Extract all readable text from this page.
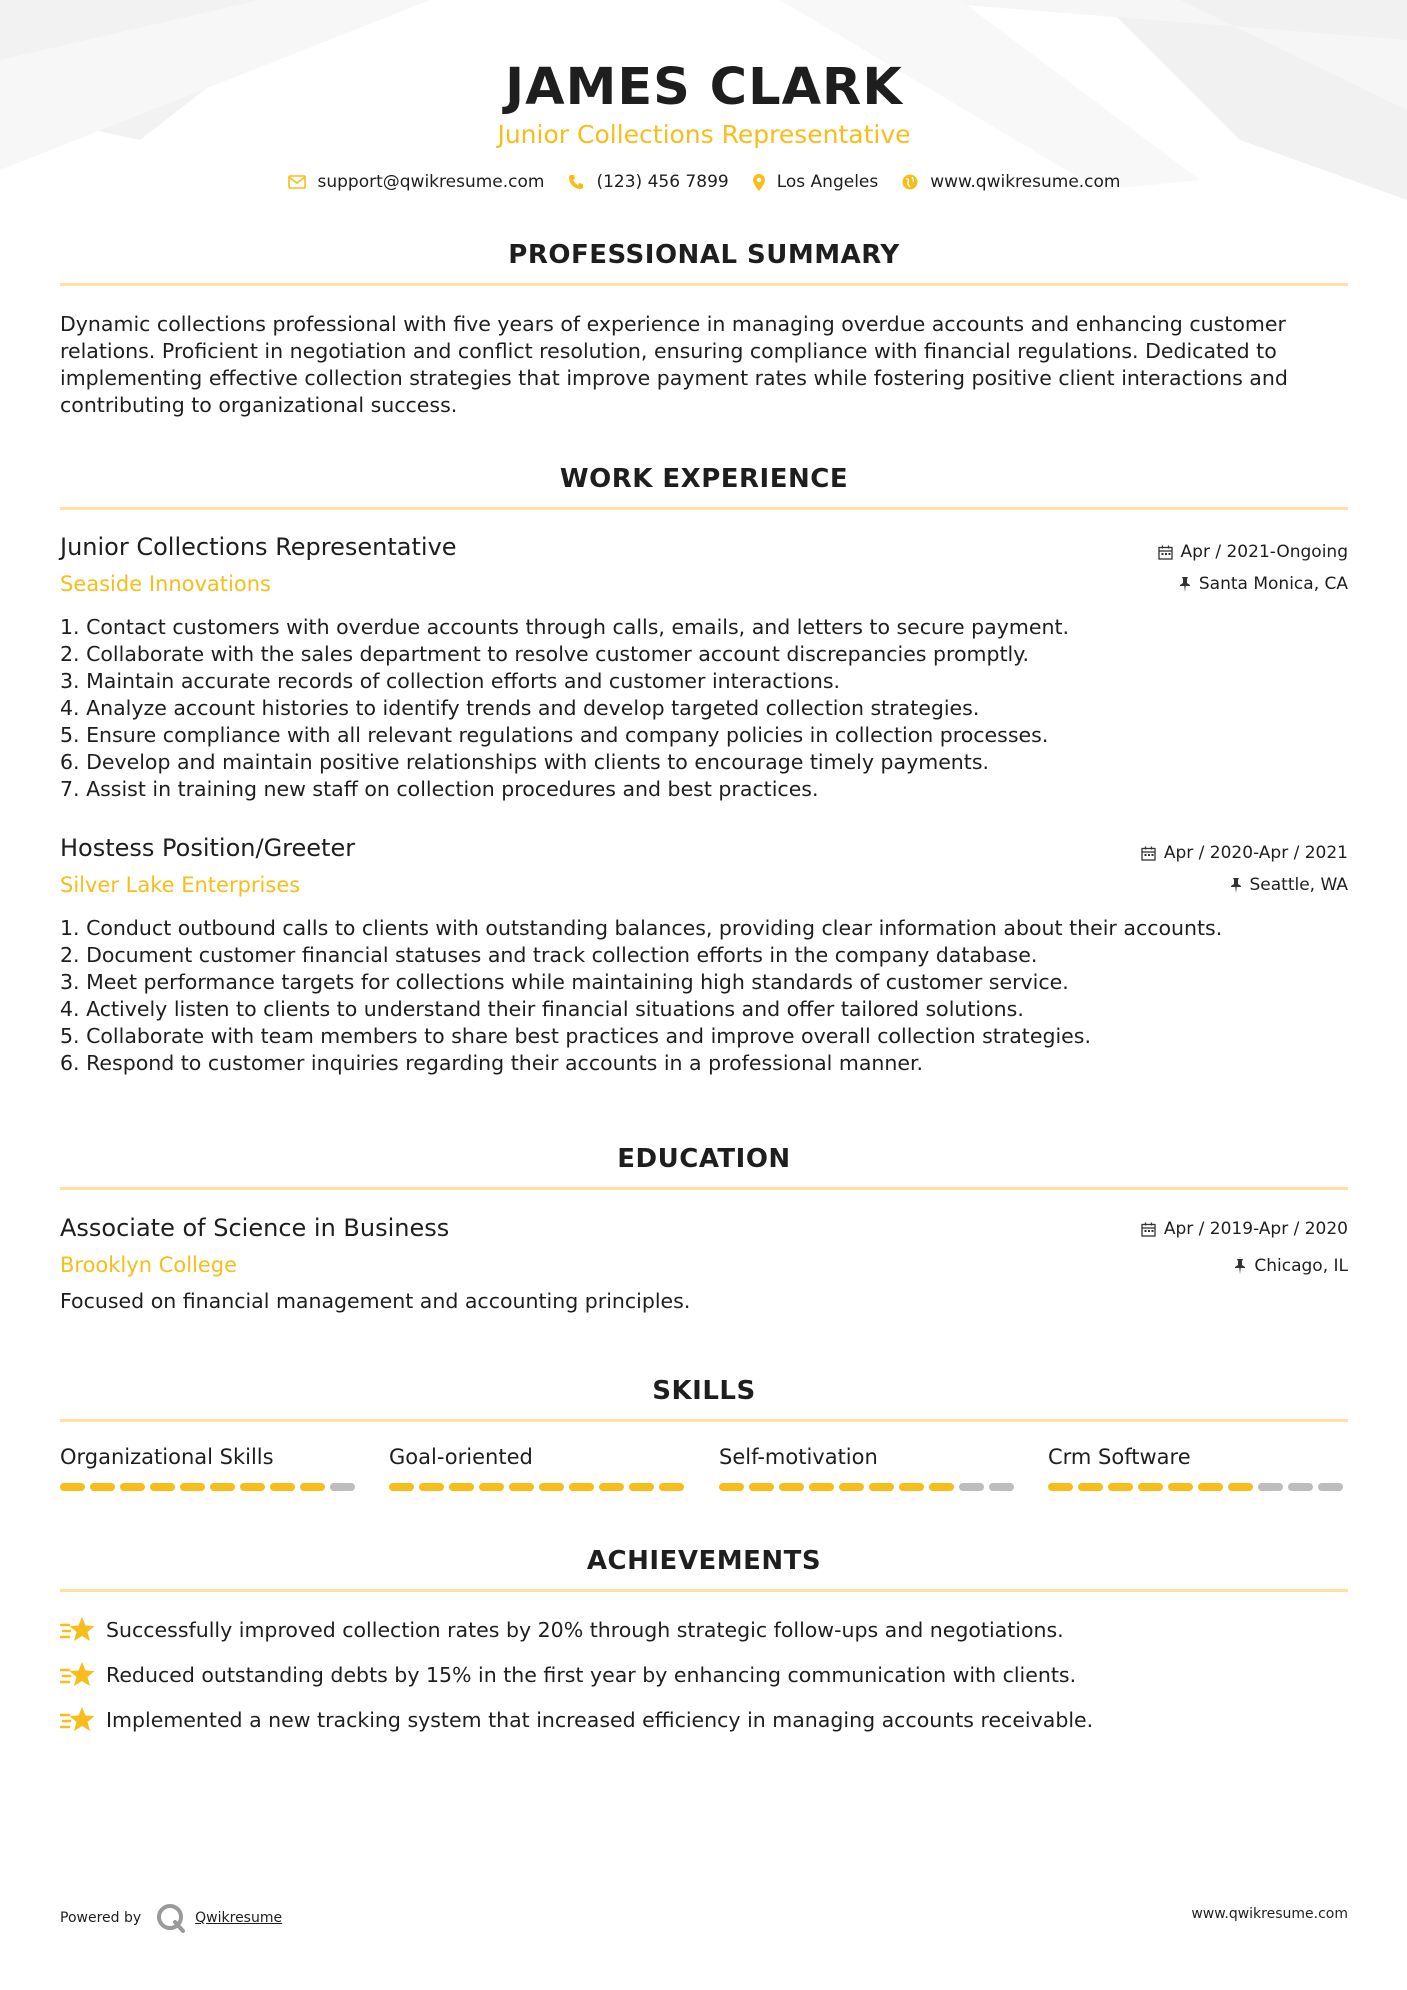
JAMES CLARK
Junior Collections Representative
support@qwikresume.com	(123) 456 7899	Los Angeles	www.qwikresume.com
PROFESSIONAL SUMMARY
Dynamic collections professional with five years of experience in managing overdue accounts and enhancing customer
relations. Proficient in negotiation and conflict resolution, ensuring compliance with financial regulations. Dedicated to
implementing effective collection strategies that improve payment rates while fostering positive client interactions and
contributing to organizational success.
WORK EXPERIENCE
Junior Collections Representative
Seaside Innovations
Apr / 2021-Ongoing
Santa Monica, CA
1. Contact customers with overdue accounts through calls, emails, and letters to secure payment.
2. Collaborate with the sales department to resolve customer account discrepancies promptly.
3. Maintain accurate records of collection efforts and customer interactions.
4. Analyze account histories to identify trends and develop targeted collection strategies.
5. Ensure compliance with all relevant regulations and company policies in collection processes.
6. Develop and maintain positive relationships with clients to encourage timely payments.
7. Assist in training new staff on collection procedures and best practices.
Hostess Position/Greeter
Silver Lake Enterprises
Apr / 2020-Apr / 2021
Seattle, WA
1. Conduct outbound calls to clients with outstanding balances, providing clear information about their accounts.
2. Document customer financial statuses and track collection efforts in the company database.
3. Meet performance targets for collections while maintaining high standards of customer service.
4. Actively listen to clients to understand their financial situations and offer tailored solutions.
5. Collaborate with team members to share best practices and improve overall collection strategies.
6. Respond to customer inquiries regarding their accounts in a professional manner.
EDUCATION
Associate of Science in Business
Brooklyn College
Apr / 2019-Apr / 2020
Chicago, IL
Focused on financial management and accounting principles.
SKILLS
Organizational Skills	Goal-oriented	Self-motivation	Crm Software
ACHIEVEMENTS
Successfully improved collection rates by 20% through strategic follow-ups and negotiations.
Reduced outstanding debts by 15% in the first year by enhancing communication with clients.
Implemented a new tracking system that increased efficiency in managing accounts receivable.
Powered by	Qwikresume	www.qwikresume.com
